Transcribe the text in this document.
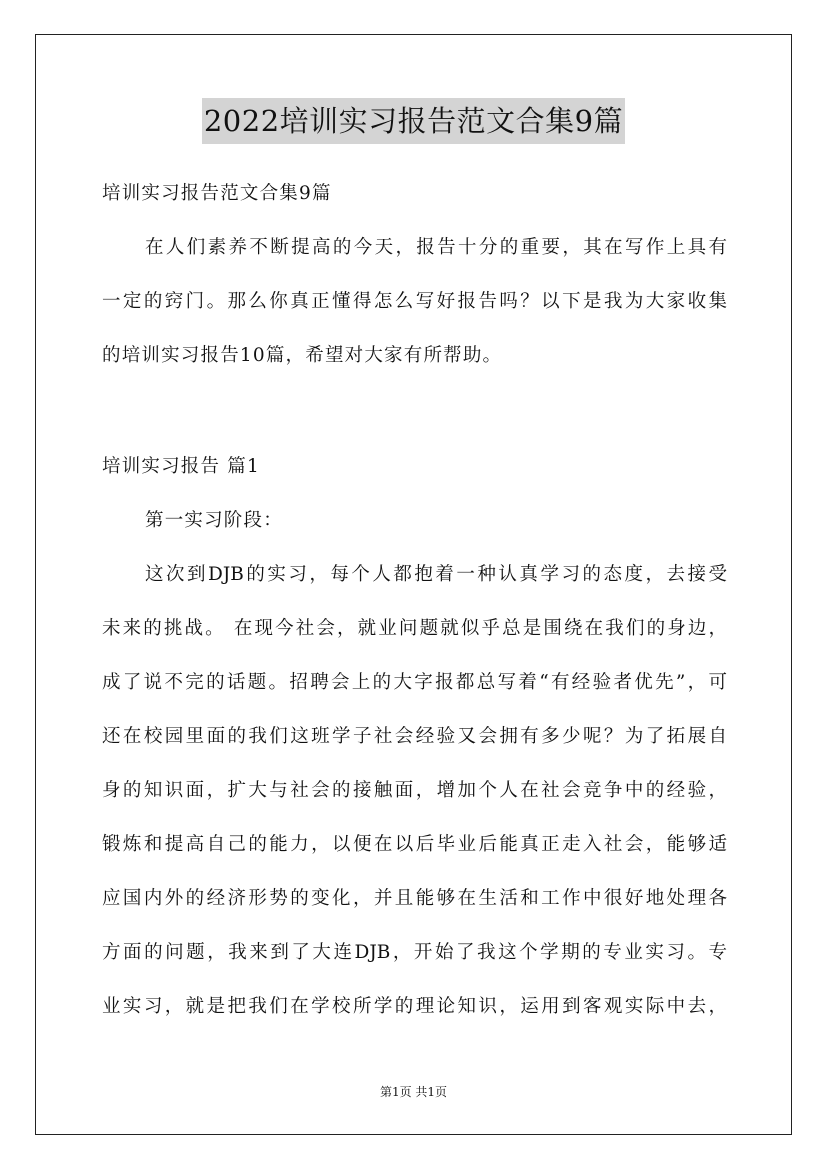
2022培训实习报告范文合集9篇
培训实习报告范文合集9篇
在人们素养不断提高的今天，报告十分的重要，其在写作上具有
一定的窍门。那么你真正懂得怎么写好报告吗？以下是我为大家收集
的培训实习报告10篇，希望对大家有所帮助。
培训实习报告 篇1
第一实习阶段：
这次到DJB的实习，每个人都抱着一种认真学习的态度，去接受
未来的挑战。 在现今社会，就业问题就似乎总是围绕在我们的身边，
成了说不完的话题。招聘会上的大字报都总写着“有经验者优先”，可
还在校园里面的我们这班学子社会经验又会拥有多少呢？为了拓展自
身的知识面，扩大与社会的接触面，增加个人在社会竞争中的经验，
锻炼和提高自己的能力，以便在以后毕业后能真正走入社会，能够适
应国内外的经济形势的变化，并且能够在生活和工作中很好地处理各
方面的问题，我来到了大连DJB，开始了我这个学期的专业实习。专
业实习，就是把我们在学校所学的理论知识，运用到客观实际中去，
第1页 共1页
